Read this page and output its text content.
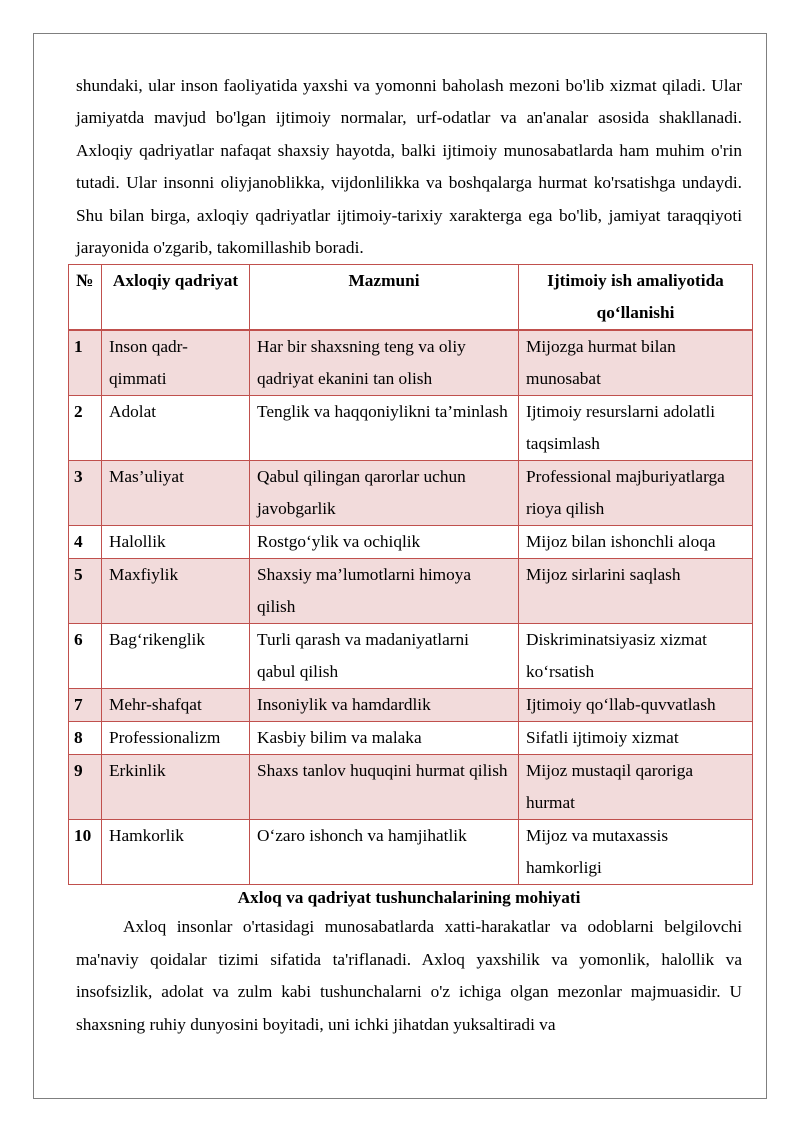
shundaki, ular inson faoliyatida yaxshi va yomonni baholash mezoni bo'lib xizmat qiladi. Ular jamiyatda mavjud bo'lgan ijtimoiy normalar, urf-odatlar va an'analar asosida shakllanadi. Axloqiy qadriyatlar nafaqat shaxsiy hayotda, balki ijtimoiy munosabatlarda ham muhim o'rin tutadi. Ular insonni oliyjanoblikka, vijdonlilikka va boshqalarga hurmat ko'rsatishga undaydi. Shu bilan birga, axloqiy qadriyatlar ijtimoiy-tarixiy xarakterga ega bo'lib, jamiyat taraqqiyoti jarayonida o'zgarib, takomillashib boradi.

№	Axloqiy qadriyat	Mazmuni	Ijtimoiy ish amaliyotida qo‘llanishi
1	Inson qadr-qimmati	Har bir shaxsning teng va oliy qadriyat ekanini tan olish	Mijozga hurmat bilan munosabat
2	Adolat	Tenglik va haqqoniylikni ta’minlash	Ijtimoiy resurslarni adolatli taqsimlash
3	Mas’uliyat	Qabul qilingan qarorlar uchun javobgarlik	Professional majburiyatlarga rioya qilish
4	Halollik	Rostgo‘ylik va ochiqlik	Mijoz bilan ishonchli aloqa
5	Maxfiylik	Shaxsiy ma’lumotlarni himoya qilish	Mijoz sirlarini saqlash
6	Bag‘rikenglik	Turli qarash va madaniyatlarni qabul qilish	Diskriminatsiyasiz xizmat ko‘rsatish
7	Mehr-shafqat	Insoniylik va hamdardlik	Ijtimoiy qo‘llab-quvvatlash
8	Professionalizm	Kasbiy bilim va malaka	Sifatli ijtimoiy xizmat
9	Erkinlik	Shaxs tanlov huquqini hurmat qilish	Mijoz mustaqil qaroriga hurmat
10	Hamkorlik	O‘zaro ishonch va hamjihatlik	Mijoz va mutaxassis hamkorligi
Axloq va qadriyat tushunchalarining mohiyati

Axloq insonlar o'rtasidagi munosabatlarda xatti-harakatlar va odoblarni belgilovchi ma'naviy qoidalar tizimi sifatida ta'riflanadi. Axloq yaxshilik va yomonlik, halollik va insofsizlik, adolat va zulm kabi tushunchalarni o'z ichiga olgan mezonlar majmuasidir. U shaxsning ruhiy dunyosini boyitadi, uni ichki jihatdan yuksaltiradi va
